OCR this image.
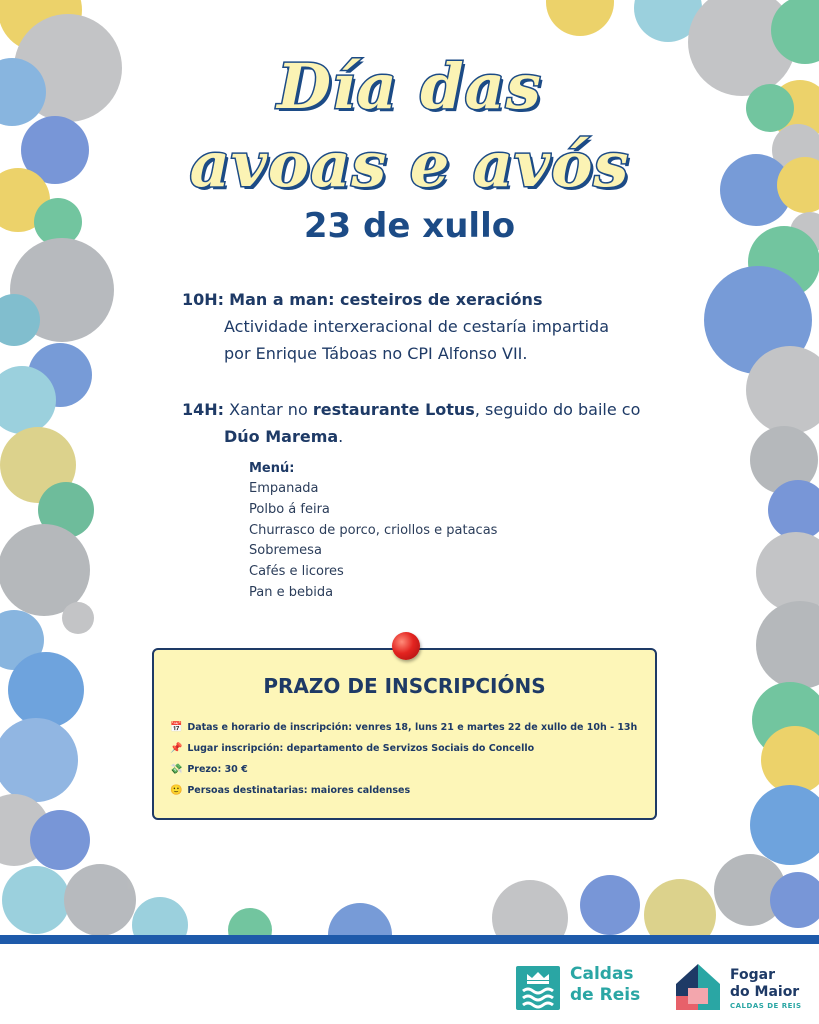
Día das
avoas e avós
23 de xullo
10H: Man a man: cesteiros de xeracións
Actividade interxeracional de cestaría impartida
por Enrique Táboas no CPI Alfonso VII.
14H: Xantar no restaurante Lotus, seguido do baile co
Dúo Marema.
Menú:
Empanada
Polbo á feira
Churrasco de porco, criollos e patacas
Sobremesa
Cafés e licores
Pan e bebida
PRAZO DE INSCRIPCIÓNS
📅 Datas e horario de inscripción: venres 18, luns 21 e martes 22 de xullo de 10h - 13h
📌 Lugar inscripción: departamento de Servizos Sociais do Concello
💸 Prezo: 30 €
🙂 Persoas destinatarias: maiores caldenses
Caldas
de Reis
Fogar
do Maior
CALDAS DE REIS
